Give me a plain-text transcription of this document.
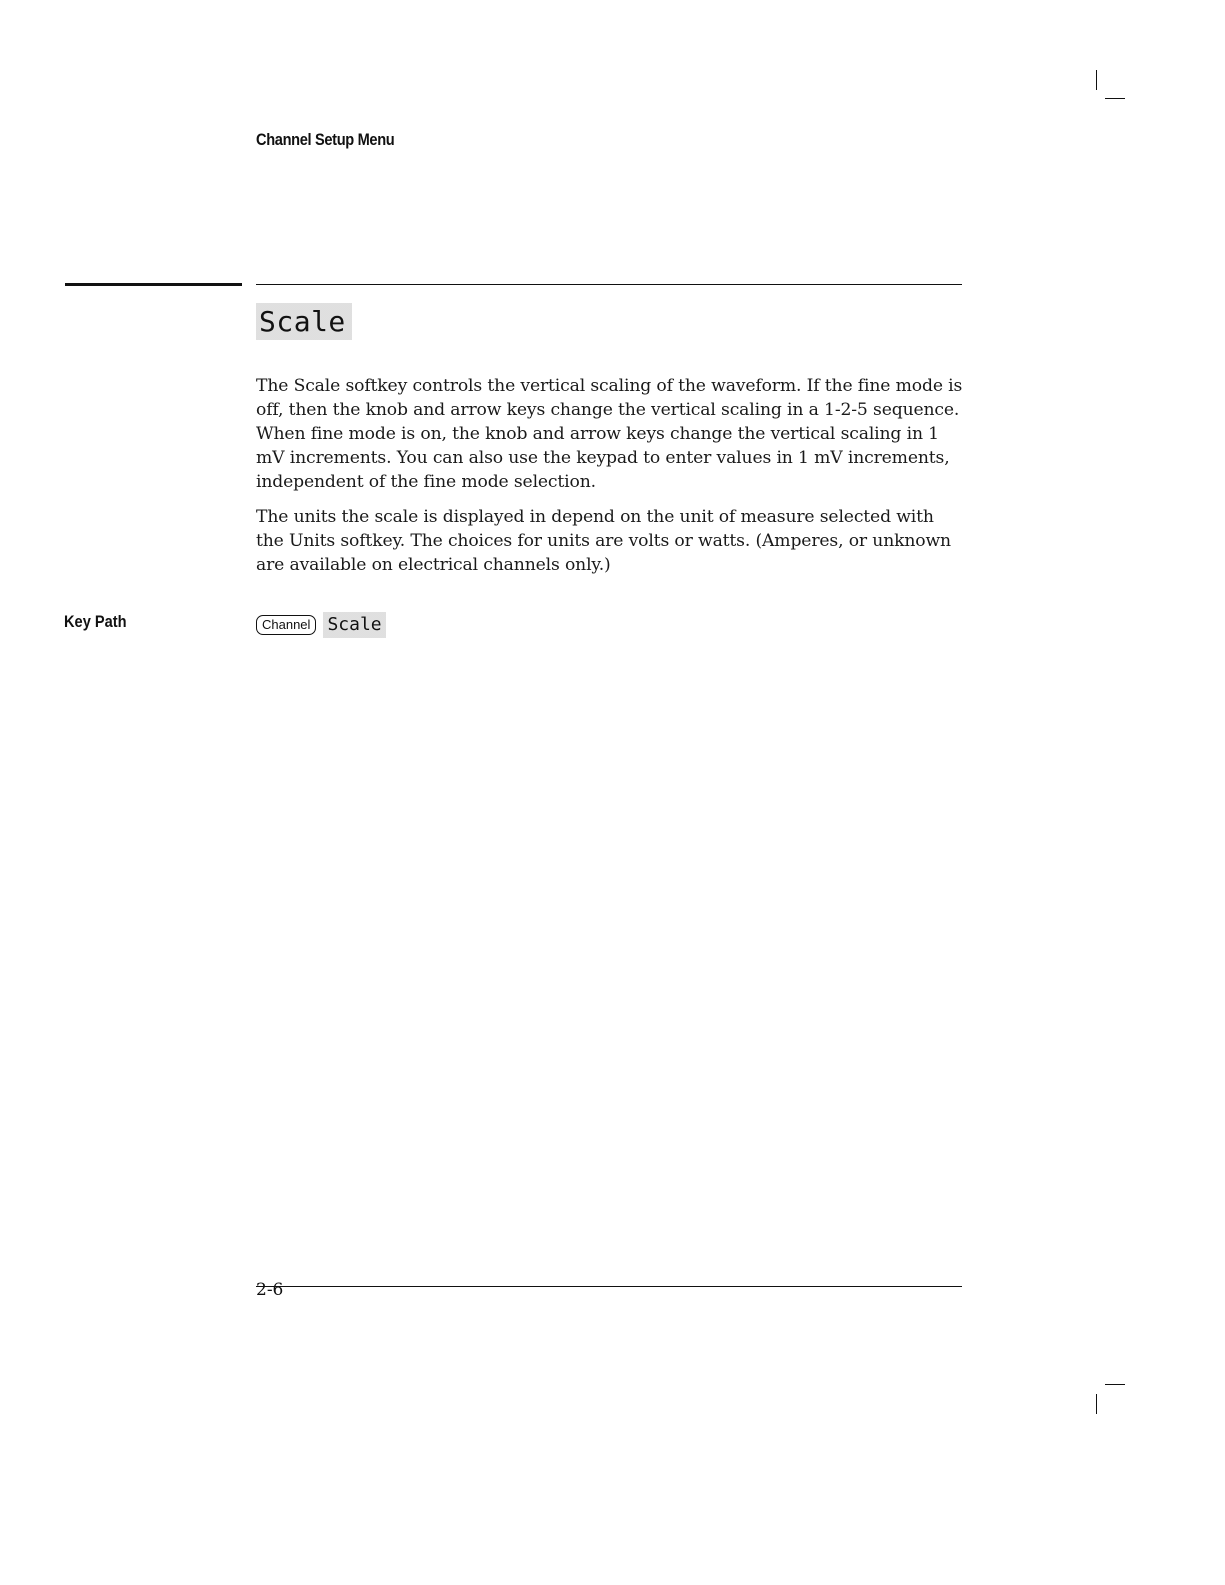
Channel Setup Menu
Scale
The Scale softkey controls the vertical scaling of the waveform. If the fine mode is off, then the knob and arrow keys change the vertical scaling in a 1-2-5 sequence. When fine mode is on, the knob and arrow keys change the vertical scaling in 1 mV increments. You can also use the keypad to enter values in 1 mV increments, independent of the fine mode selection.
The units the scale is displayed in depend on the unit of measure selected with the Units softkey. The choices for units are volts or watts. (Amperes, or unknown are available on electrical channels only.)
Key Path	Channel Scale
2-6
